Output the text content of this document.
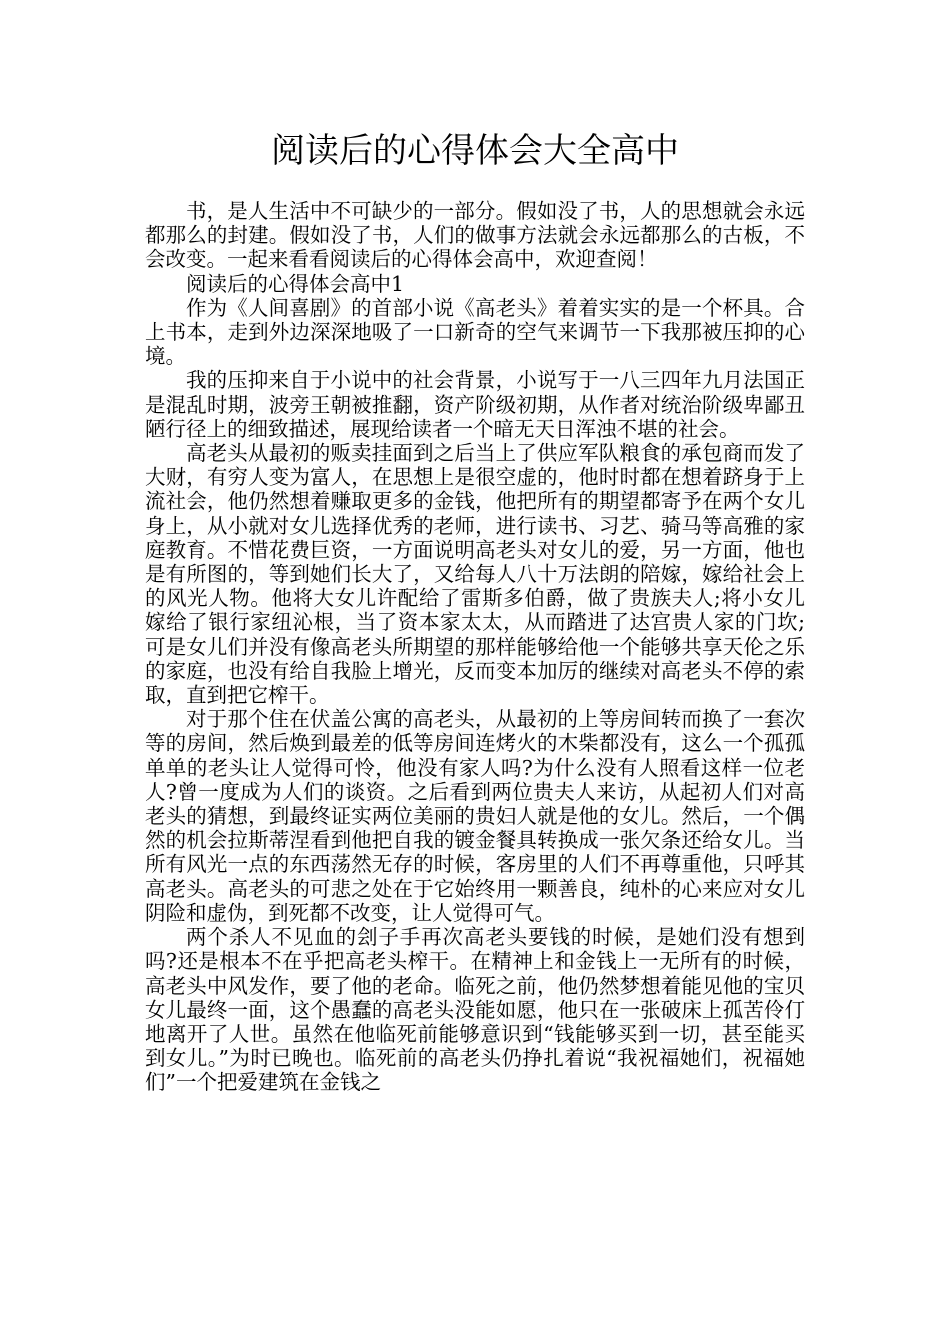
阅读后的心得体会大全高中

书，是人生活中不可缺少的一部分。假如没了书，人的思想就会永远都那么的封建。假如没了书，人们的做事方法就会永远都那么的古板，不会改变。一起来看看阅读后的心得体会高中，欢迎查阅！

阅读后的心得体会高中1

作为《人间喜剧》的首部小说《高老头》着着实实的是一个杯具。合上书本，走到外边深深地吸了一口新奇的空气来调节一下我那被压抑的心境。

我的压抑来自于小说中的社会背景，小说写于一八三四年九月法国正是混乱时期，波旁王朝被推翻，资产阶级初期，从作者对统治阶级卑鄙丑陋行径上的细致描述，展现给读者一个暗无天日浑浊不堪的社会。

高老头从最初的贩卖挂面到之后当上了供应军队粮食的承包商而发了大财，有穷人变为富人，在思想上是很空虚的，他时时都在想着跻身于上流社会，他仍然想着赚取更多的金钱，他把所有的期望都寄予在两个女儿身上，从小就对女儿选择优秀的老师，进行读书、习艺、骑马等高雅的家庭教育。不惜花费巨资，一方面说明高老头对女儿的爱，另一方面，他也是有所图的，等到她们长大了，又给每人八十万法朗的陪嫁，嫁给社会上的风光人物。他将大女儿许配给了雷斯多伯爵，做了贵族夫人;将小女儿嫁给了银行家纽沁根，当了资本家太太，从而踏进了达宫贵人家的门坎;可是女儿们并没有像高老头所期望的那样能够给他一个能够共享天伦之乐的家庭，也没有给自我脸上增光，反而变本加厉的继续对高老头不停的索取，直到把它榨干。

对于那个住在伏盖公寓的高老头，从最初的上等房间转而换了一套次等的房间，然后焕到最差的低等房间连烤火的木柴都没有，这么一个孤孤单单的老头让人觉得可怜，他没有家人吗?为什么没有人照看这样一位老人?曾一度成为人们的谈资。之后看到两位贵夫人来访，从起初人们对高老头的猜想，到最终证实两位美丽的贵妇人就是他的女儿。然后，一个偶然的机会拉斯蒂涅看到他把自我的镀金餐具转换成一张欠条还给女儿。当所有风光一点的东西荡然无存的时候，客房里的人们不再尊重他，只呼其高老头。高老头的可悲之处在于它始终用一颗善良，纯朴的心来应对女儿阴险和虚伪，到死都不改变，让人觉得可气。

两个杀人不见血的刽子手再次高老头要钱的时候，是她们没有想到吗?还是根本不在乎把高老头榨干。在精神上和金钱上一无所有的时候，高老头中风发作，要了他的老命。临死之前，他仍然梦想着能见他的宝贝女儿最终一面，这个愚蠢的高老头没能如愿，他只在一张破床上孤苦伶仃地离开了人世。虽然在他临死前能够意识到“钱能够买到一切，甚至能买到女儿。”为时已晚也。临死前的高老头仍挣扎着说“我祝福她们，祝福她们”一个把爱建筑在金钱之
